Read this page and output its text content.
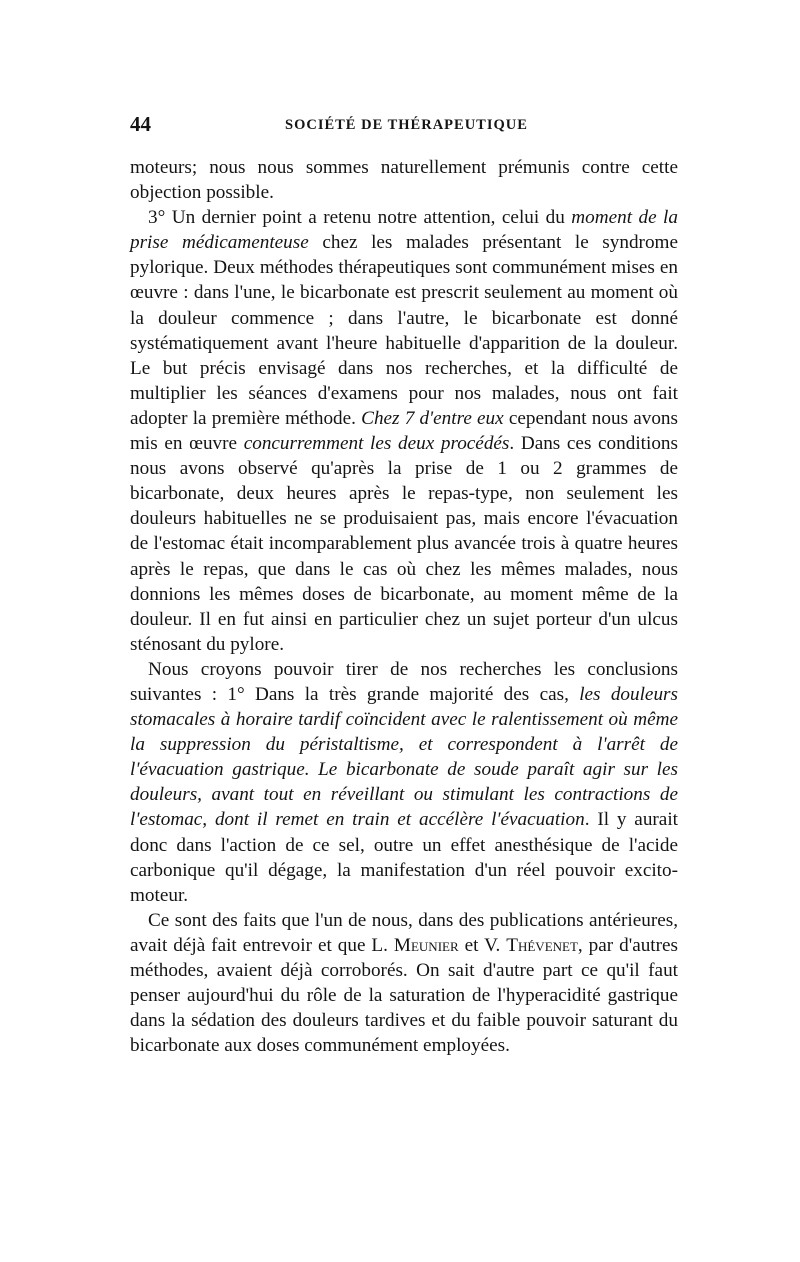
44	SOCIÉTÉ DE THÉRAPEUTIQUE

moteurs; nous nous sommes naturellement prémunis contre cette objection possible.

3° Un dernier point a retenu notre attention, celui du moment de la prise médicamenteuse chez les malades présentant le syndrome pylorique. Deux méthodes thérapeutiques sont communément mises en œuvre : dans l'une, le bicarbonate est prescrit seulement au moment où la douleur commence ; dans l'autre, le bicarbonate est donné systématiquement avant l'heure habituelle d'apparition de la douleur. Le but précis envisagé dans nos recherches, et la difficulté de multiplier les séances d'examens pour nos malades, nous ont fait adopter la première méthode. Chez 7 d'entre eux cependant nous avons mis en œuvre concurremment les deux procédés. Dans ces conditions nous avons observé qu'après la prise de 1 ou 2 grammes de bicarbonate, deux heures après le repas-type, non seulement les douleurs habituelles ne se produisaient pas, mais encore l'évacuation de l'estomac était incomparablement plus avancée trois à quatre heures après le repas, que dans le cas où chez les mêmes malades, nous donnions les mêmes doses de bicarbonate, au moment même de la douleur. Il en fut ainsi en particulier chez un sujet porteur d'un ulcus sténosant du pylore.

Nous croyons pouvoir tirer de nos recherches les conclusions suivantes : 1° Dans la très grande majorité des cas, les douleurs stomacales à horaire tardif coïncident avec le ralentissement où même la suppression du péristaltisme, et correspondent à l'arrêt de l'évacuation gastrique. Le bicarbonate de soude paraît agir sur les douleurs, avant tout en réveillant ou stimulant les contractions de l'estomac, dont il remet en train et accélère l'évacuation. Il y aurait donc dans l'action de ce sel, outre un effet anesthésique de l'acide carbonique qu'il dégage, la manifestation d'un réel pouvoir excito-moteur.

Ce sont des faits que l'un de nous, dans des publications antérieures, avait déjà fait entrevoir et que L. Meunier et V. Thévenet, par d'autres méthodes, avaient déjà corroborés. On sait d'autre part ce qu'il faut penser aujourd'hui du rôle de la saturation de l'hyperacidité gastrique dans la sédation des douleurs tardives et du faible pouvoir saturant du bicarbonate aux doses communément employées.
